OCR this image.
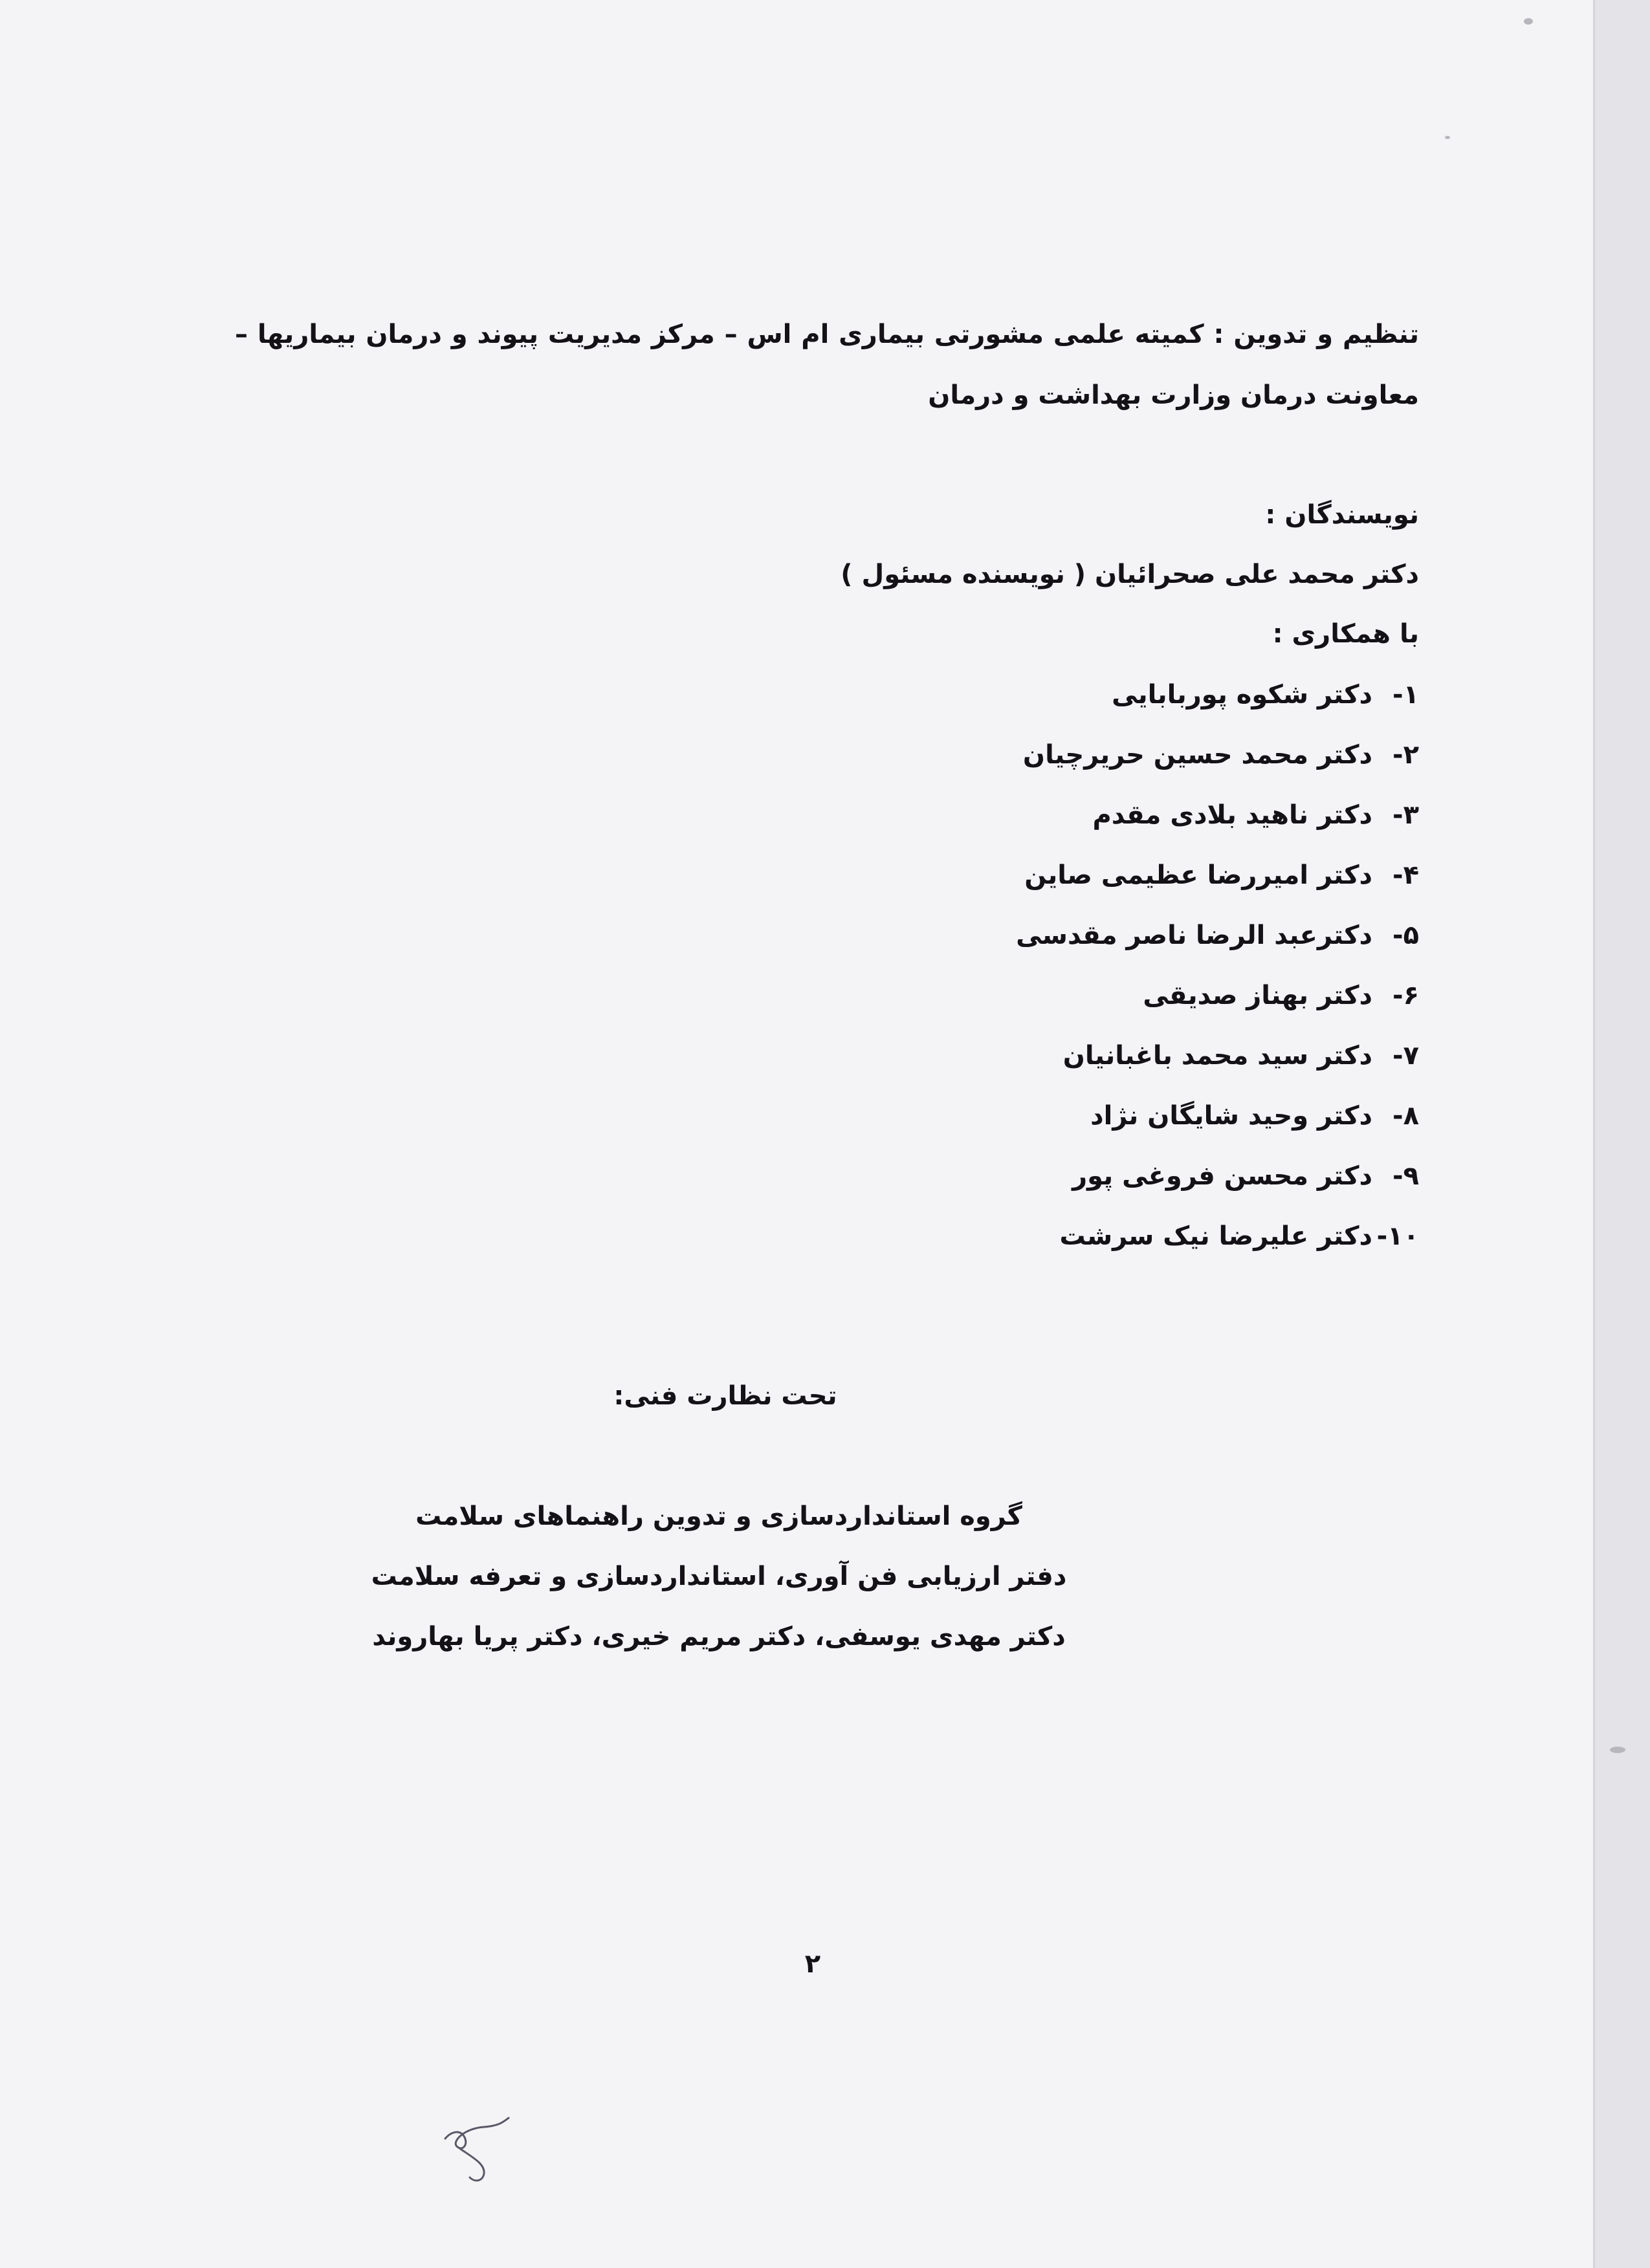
تنظیم و تدوین : کمیته علمی مشورتی بیماری ام اس – مرکز مدیریت پیوند و درمان بیماریها – معاونت درمان وزارت بهداشت و درمان
نویسندگان :
دکتر محمد علی صحرائیان ( نویسنده مسئول )
با همکاری :
۱-دکتر شکوه پوربابایی
۲-دکتر محمد حسین حریرچیان
۳-دکتر ناهید بلادی مقدم
۴-دکتر امیررضا عظیمی صاین
۵-دکترعبد الرضا ناصر مقدسی
۶-دکتر بهناز صدیقی
۷-دکتر سید محمد باغبانیان
۸-دکتر وحید شایگان نژاد
۹-دکتر محسن فروغی پور
۱۰-دکتر علیرضا نیک سرشت
تحت نظارت فنی:
گروه استانداردسازی و تدوین راهنماهای سلامت
دفتر ارزیابی فن آوری، استانداردسازی و تعرفه سلامت
دکتر مهدی یوسفی، دکتر مریم خیری، دکتر پریا بهاروند
۲
